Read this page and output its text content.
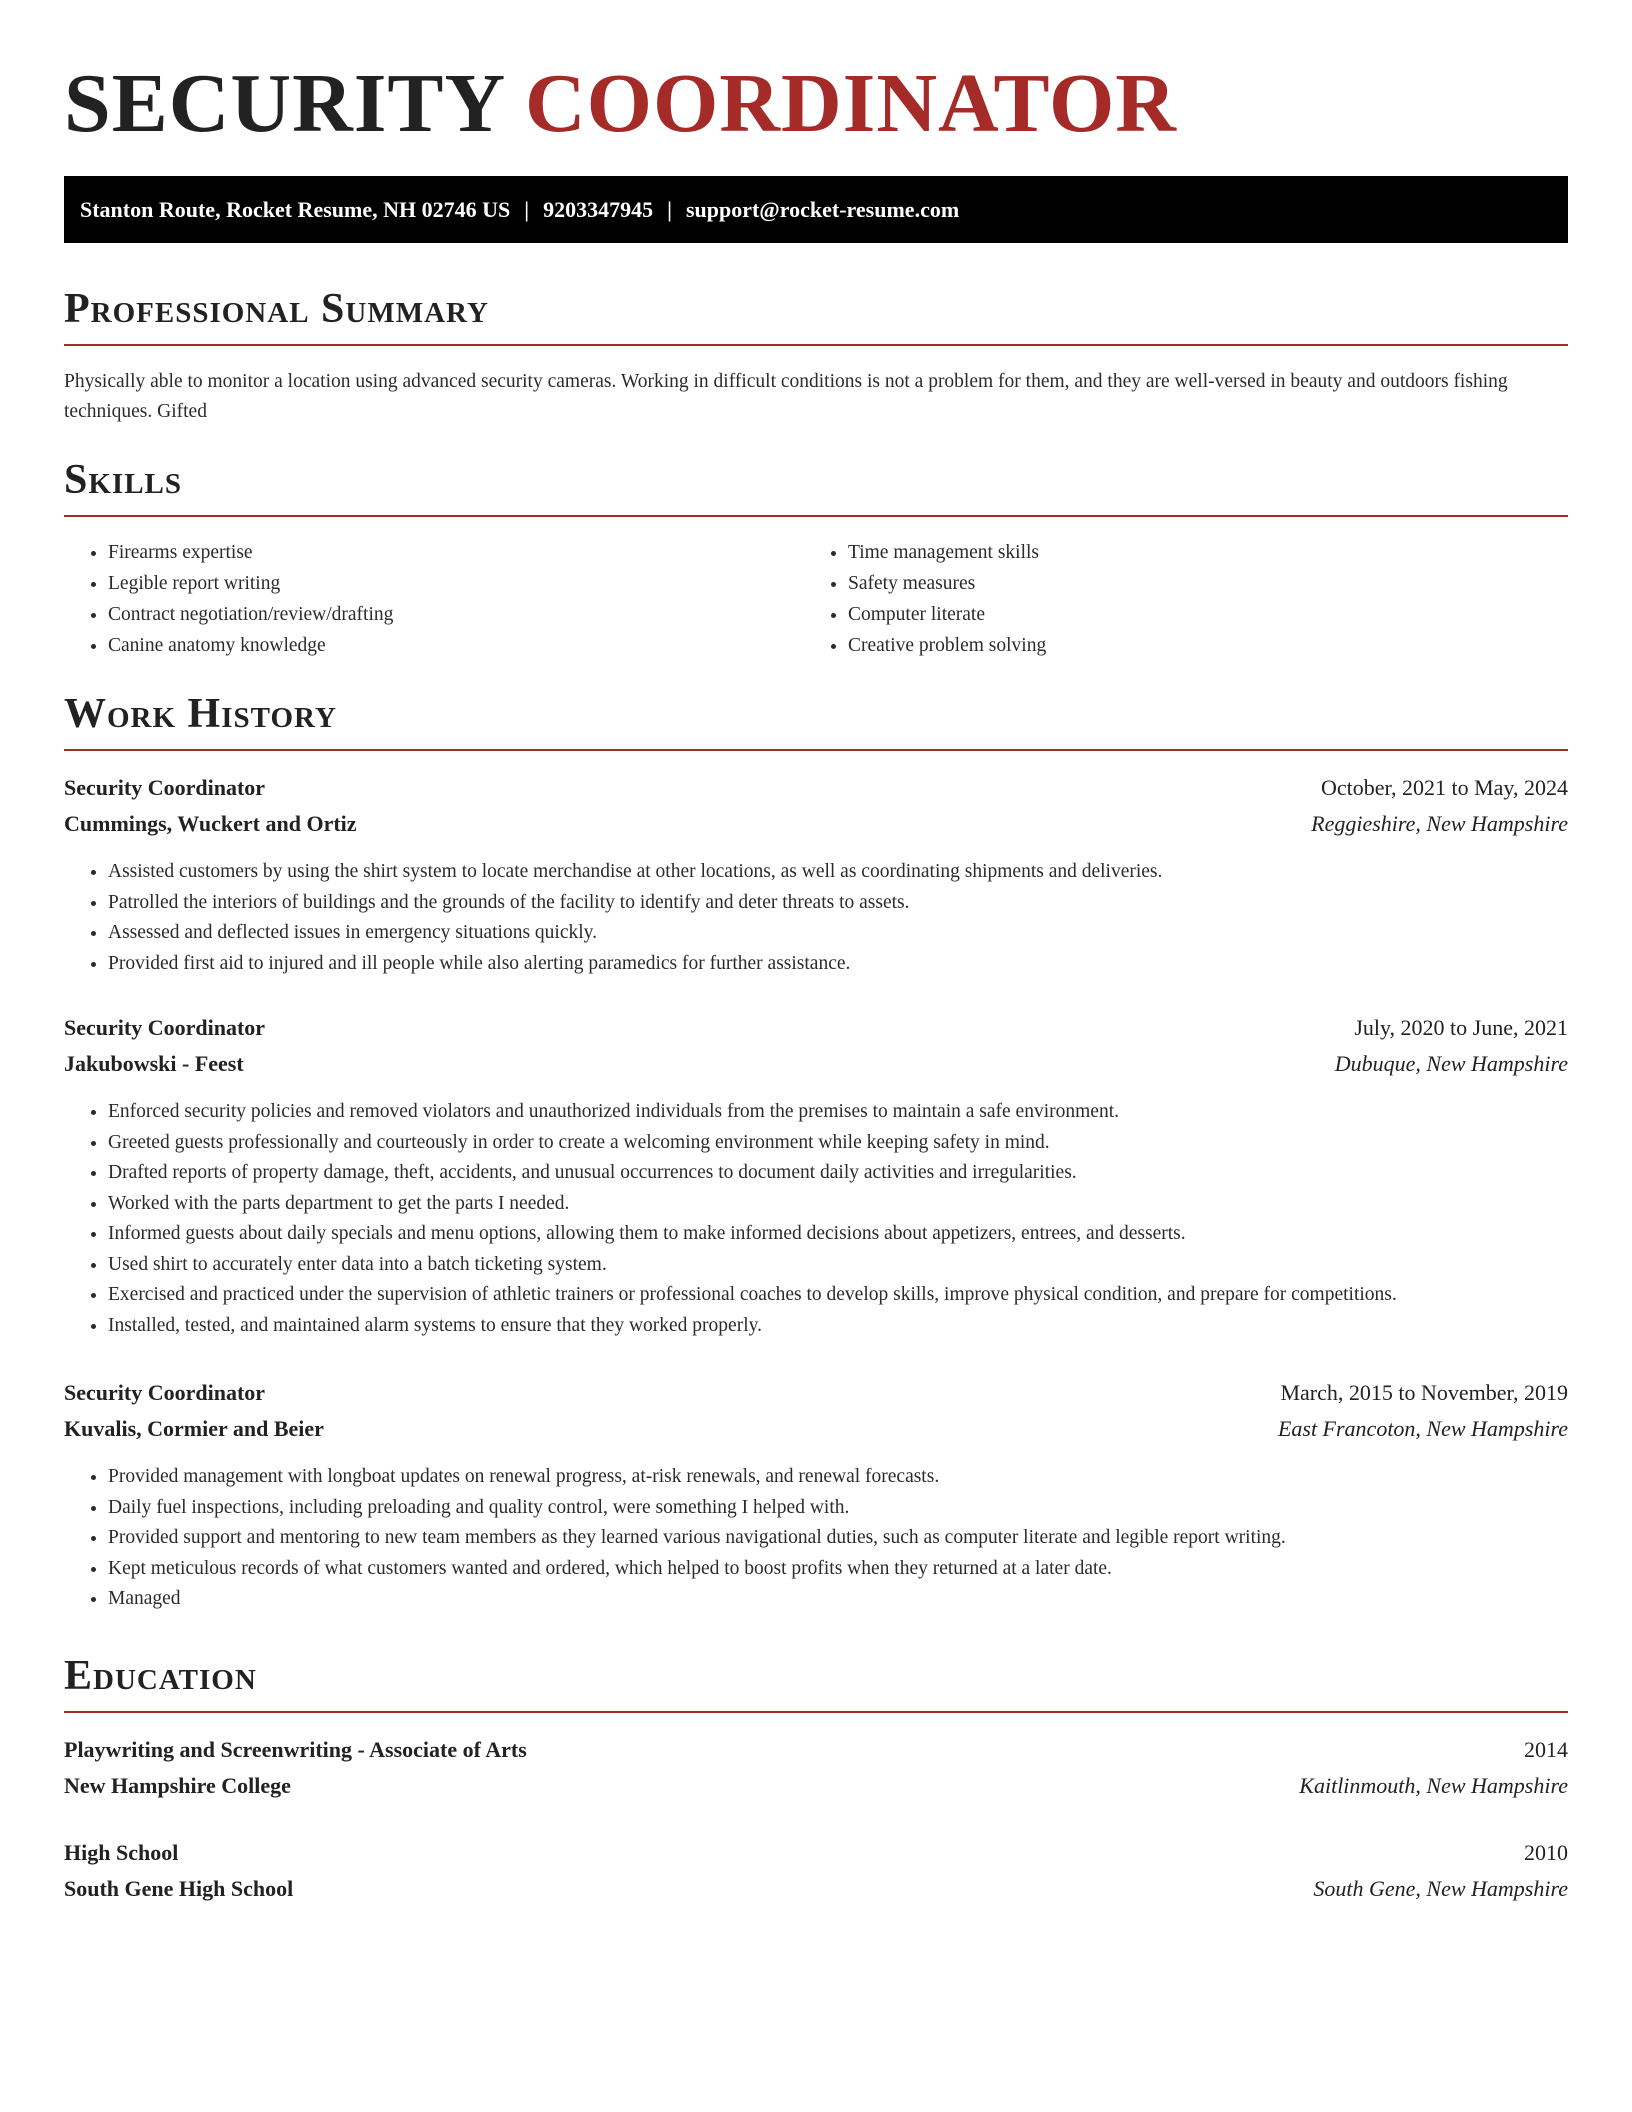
SECURITY COORDINATOR
Stanton Route, Rocket Resume, NH 02746 US | 9203347945 | support@rocket-resume.com
Professional Summary

Physically able to monitor a location using advanced security cameras. Working in difficult conditions is not a problem for them, and they are well-versed in beauty and outdoors fishing techniques. Gifted

Skills
• Firearms expertise
• Legible report writing
• Contract negotiation/review/drafting
• Canine anatomy knowledge
• Time management skills
• Safety measures
• Computer literate
• Creative problem solving
Work History
Security Coordinator	October, 2021 to May, 2024
Cummings, Wuckert and Ortiz	Reggieshire, New Hampshire
• Assisted customers by using the shirt system to locate merchandise at other locations, as well as coordinating shipments and deliveries.
• Patrolled the interiors of buildings and the grounds of the facility to identify and deter threats to assets.
• Assessed and deflected issues in emergency situations quickly.
• Provided first aid to injured and ill people while also alerting paramedics for further assistance.
Security Coordinator	July, 2020 to June, 2021
Jakubowski - Feest	Dubuque, New Hampshire
• Enforced security policies and removed violators and unauthorized individuals from the premises to maintain a safe environment.
• Greeted guests professionally and courteously in order to create a welcoming environment while keeping safety in mind.
• Drafted reports of property damage, theft, accidents, and unusual occurrences to document daily activities and irregularities.
• Worked with the parts department to get the parts I needed.
• Informed guests about daily specials and menu options, allowing them to make informed decisions about appetizers, entrees, and desserts.
• Used shirt to accurately enter data into a batch ticketing system.
• Exercised and practiced under the supervision of athletic trainers or professional coaches to develop skills, improve physical condition, and prepare for competitions.
• Installed, tested, and maintained alarm systems to ensure that they worked properly.
Security Coordinator	March, 2015 to November, 2019
Kuvalis, Cormier and Beier	East Francoton, New Hampshire
• Provided management with longboat updates on renewal progress, at-risk renewals, and renewal forecasts.
• Daily fuel inspections, including preloading and quality control, were something I helped with.
• Provided support and mentoring to new team members as they learned various navigational duties, such as computer literate and legible report writing.
• Kept meticulous records of what customers wanted and ordered, which helped to boost profits when they returned at a later date.
• Managed
Education
Playwriting and Screenwriting - Associate of Arts	2014
New Hampshire College	Kaitlinmouth, New Hampshire
High School	2010
South Gene High School	South Gene, New Hampshire
